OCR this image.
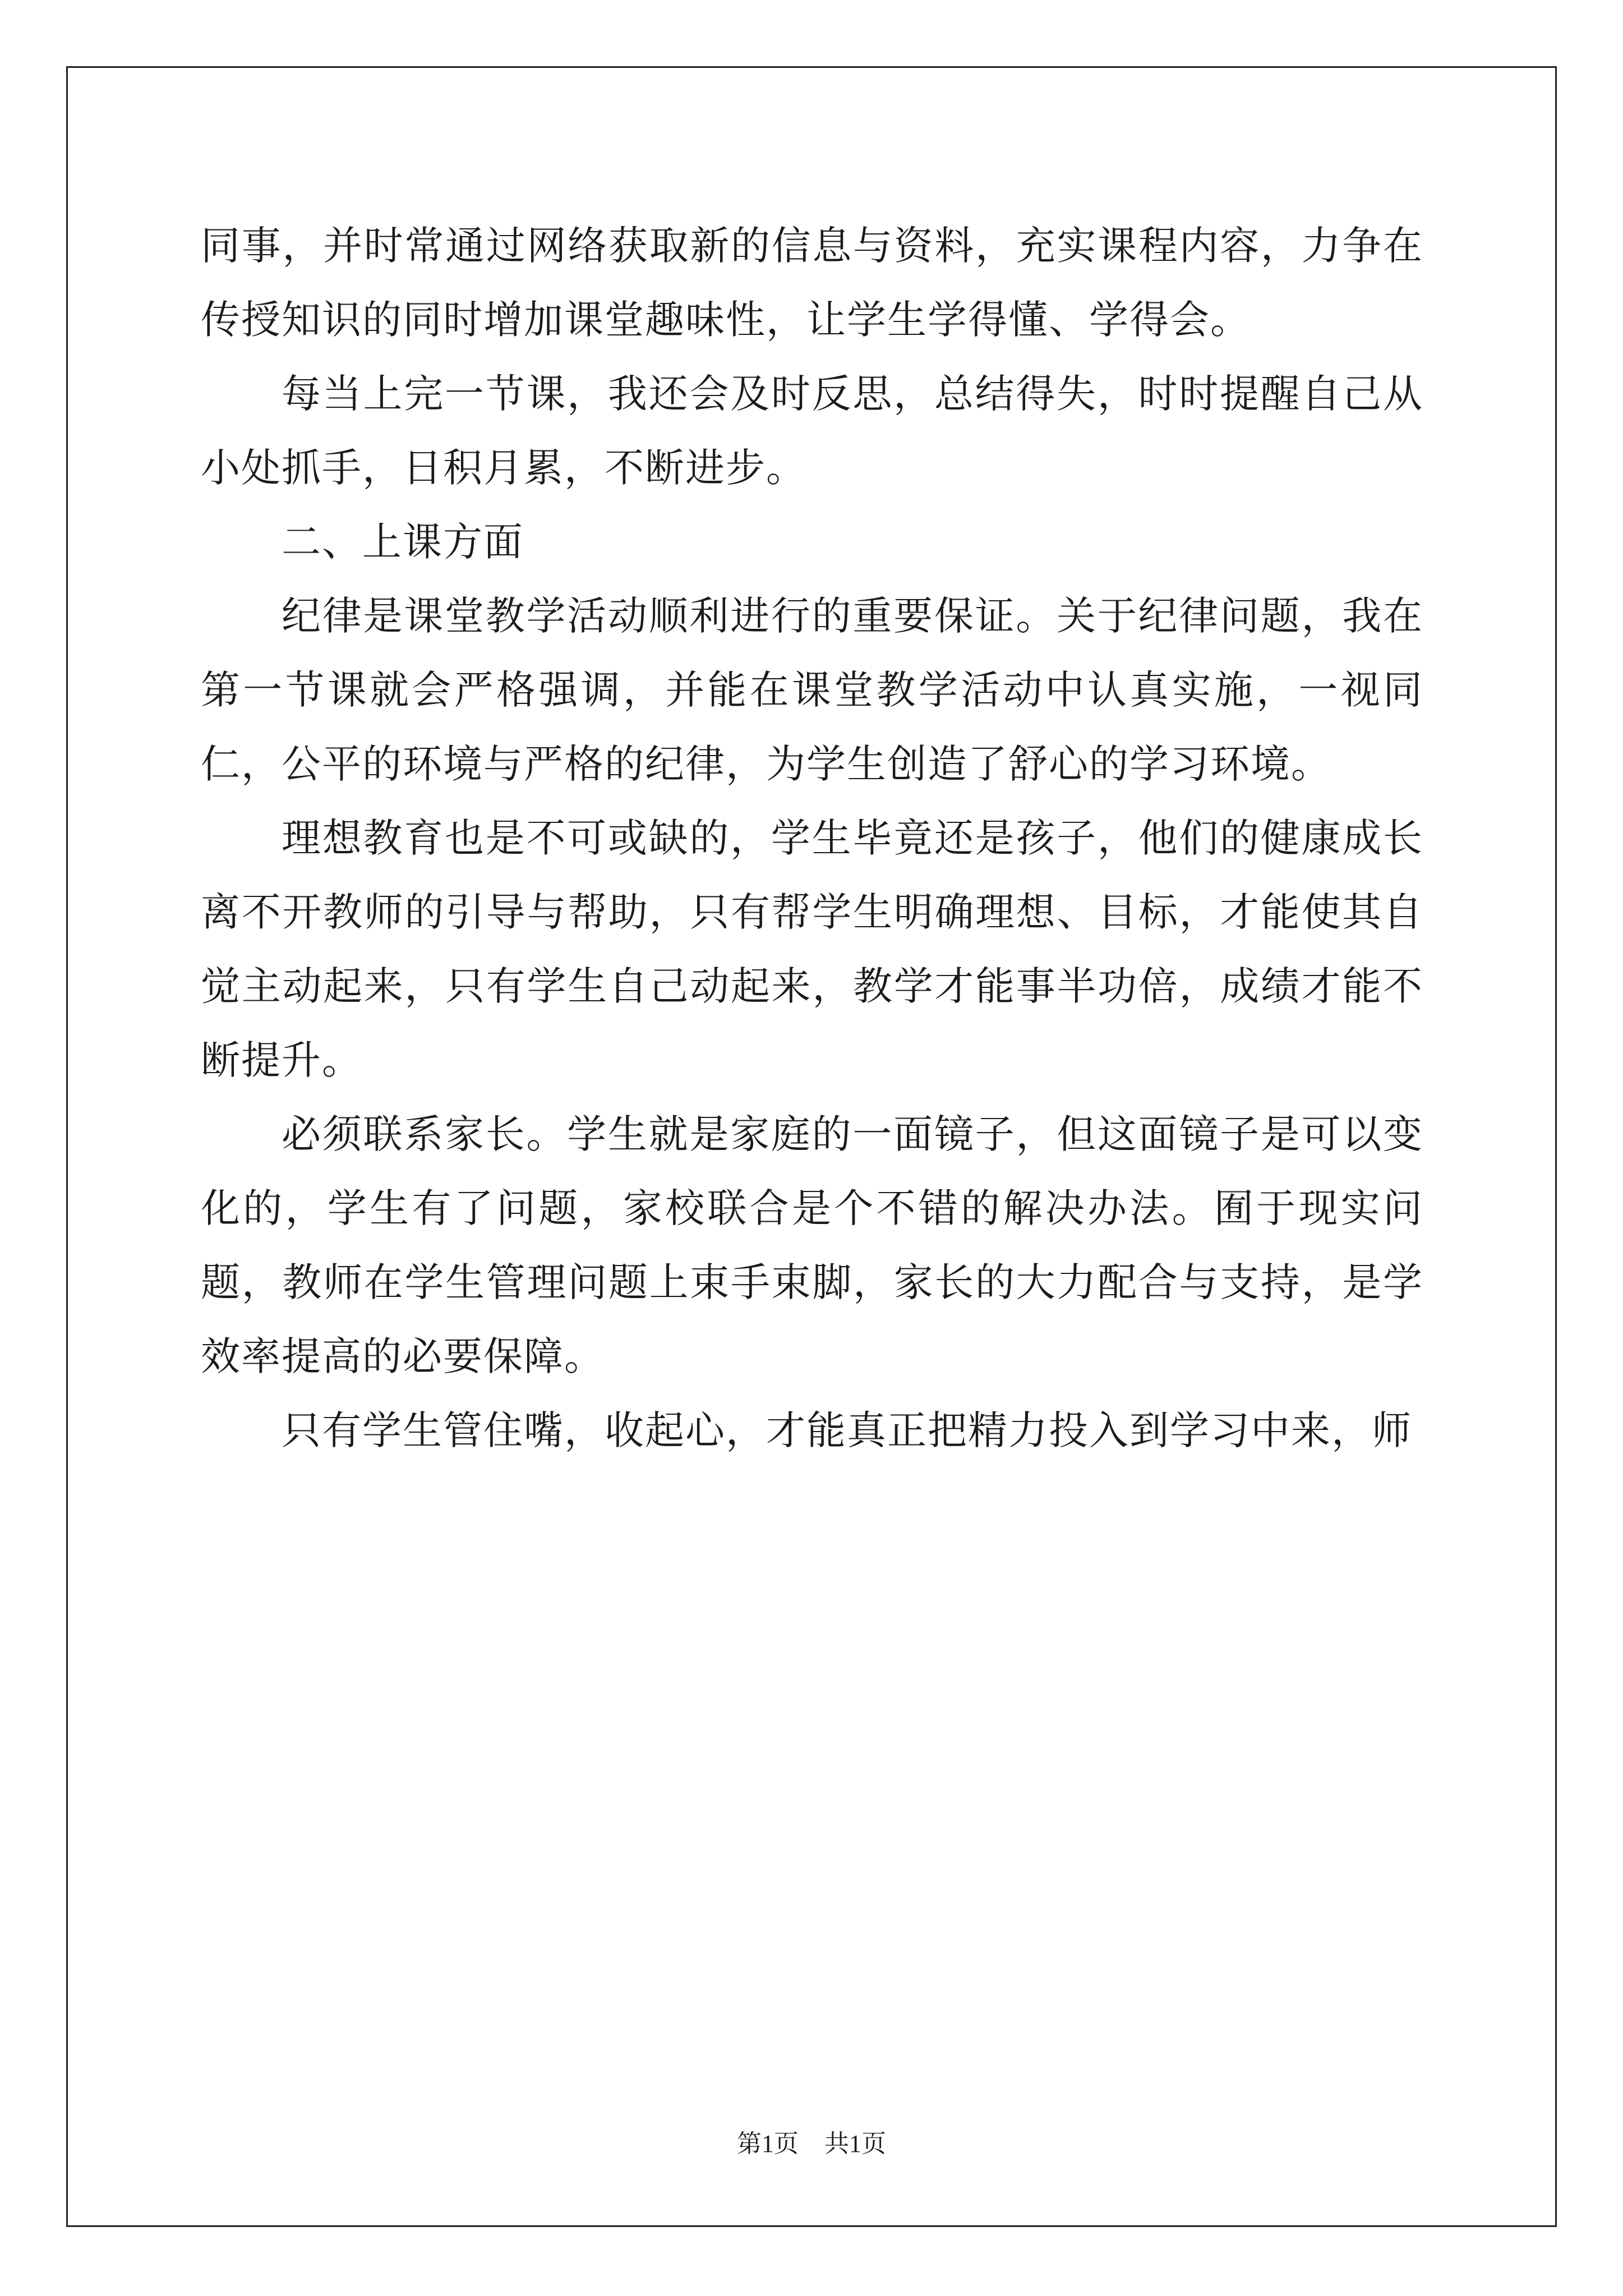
同事，并时常通过网络获取新的信息与资料，充实课程内容，力争在传授知识的同时增加课堂趣味性，让学生学得懂、学得会。

每当上完一节课，我还会及时反思，总结得失，时时提醒自己从小处抓手，日积月累，不断进步。

二、上课方面

纪律是课堂教学活动顺利进行的重要保证。关于纪律问题，我在第一节课就会严格强调，并能在课堂教学活动中认真实施，一视同仁，公平的环境与严格的纪律，为学生创造了舒心的学习环境。

理想教育也是不可或缺的，学生毕竟还是孩子，他们的健康成长离不开教师的引导与帮助，只有帮学生明确理想、目标，才能使其自觉主动起来，只有学生自己动起来，教学才能事半功倍，成绩才能不断提升。

必须联系家长。学生就是家庭的一面镜子，但这面镜子是可以变化的，学生有了问题，家校联合是个不错的解决办法。囿于现实问题，教师在学生管理问题上束手束脚，家长的大力配合与支持，是学效率提高的必要保障。

只有学生管住嘴，收起心，才能真正把精力投入到学习中来，师

第1页 共1页
